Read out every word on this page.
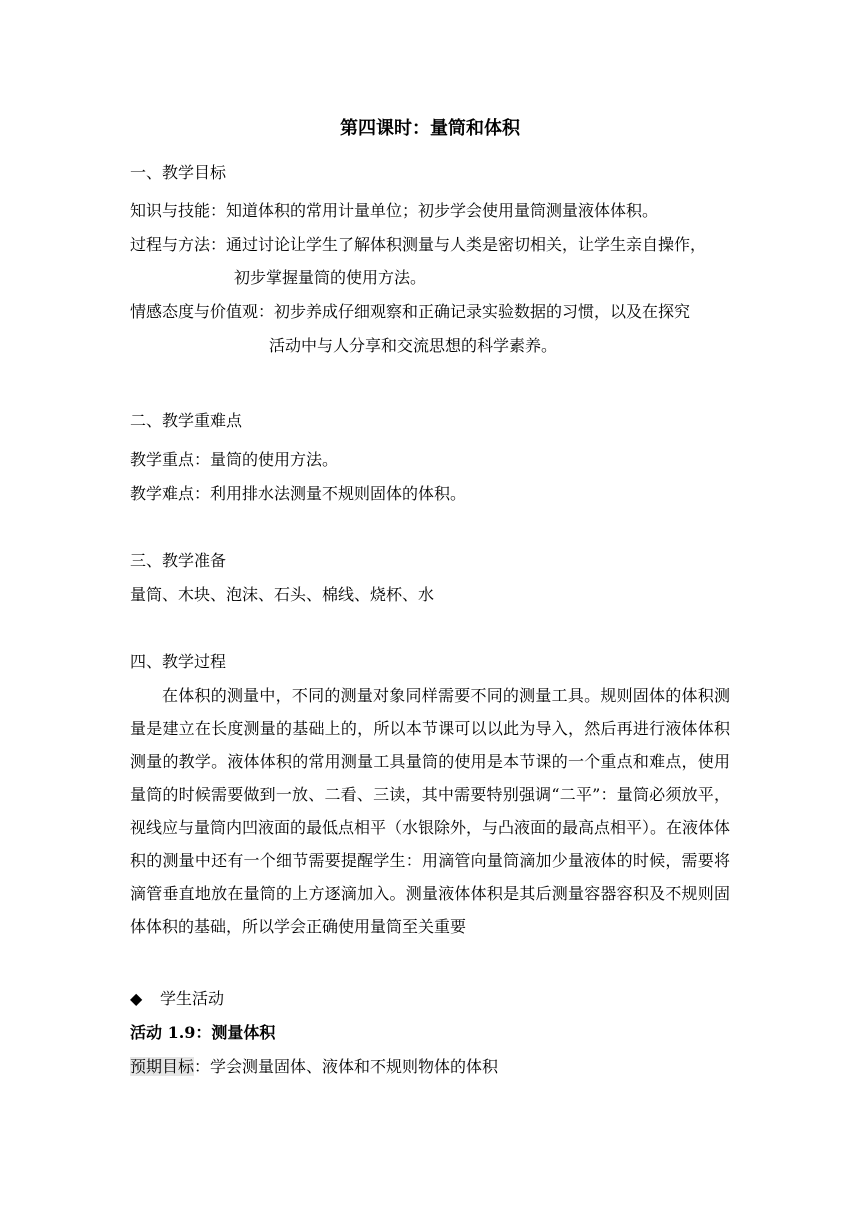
第四课时：量筒和体积
一、教学目标
知识与技能：知道体积的常用计量单位；初步学会使用量筒测量液体体积。
过程与方法：通过讨论让学生了解体积测量与人类是密切相关，让学生亲自操作，
初步掌握量筒的使用方法。
情感态度与价值观：初步养成仔细观察和正确记录实验数据的习惯，以及在探究
活动中与人分享和交流思想的科学素养。
二、教学重难点
教学重点：量筒的使用方法。
教学难点：利用排水法测量不规则固体的体积。
三、教学准备
量筒、木块、泡沫、石头、棉线、烧杯、水
四、教学过程
在体积的测量中，不同的测量对象同样需要不同的测量工具。规则固体的体积测量是建立在长度测量的基础上的，所以本节课可以以此为导入，然后再进行液体体积测量的教学。液体体积的常用测量工具量筒的使用是本节课的一个重点和难点，使用量筒的时候需要做到一放、二看、三读，其中需要特别强调“二平”：量筒必须放平，视线应与量筒内凹液面的最低点相平（水银除外，与凸液面的最高点相平）。在液体体积的测量中还有一个细节需要提醒学生：用滴管向量筒滴加少量液体的时候，需要将滴管垂直地放在量筒的上方逐滴加入。测量液体体积是其后测量容器容积及不规则固体体积的基础，所以学会正确使用量筒至关重要
◆ 学生活动
活动 1.9：测量体积
预期目标：学会测量固体、液体和不规则物体的体积
